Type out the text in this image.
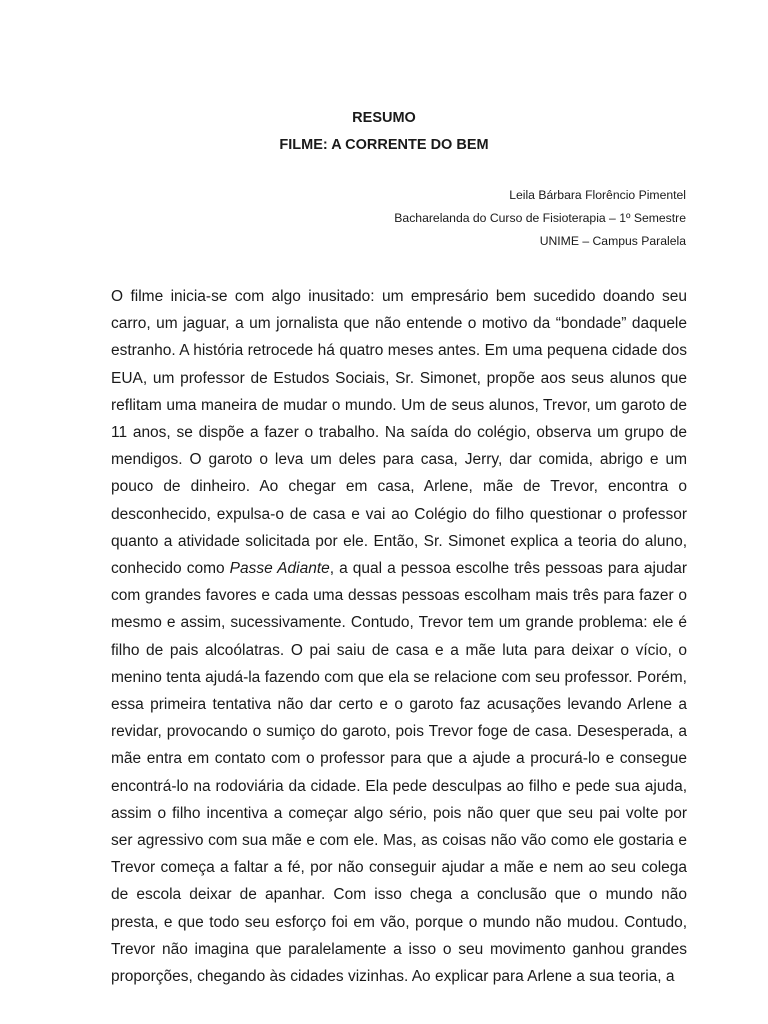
RESUMO
FILME: A CORRENTE DO BEM
Leila Bárbara Florêncio Pimentel
Bacharelanda do Curso de Fisioterapia – 1º Semestre
UNIME – Campus Paralela

O filme inicia-se com algo inusitado: um empresário bem sucedido doando seu carro, um jaguar, a um jornalista que não entende o motivo da “bondade” daquele estranho. A história retrocede há quatro meses antes. Em uma pequena cidade dos EUA, um professor de Estudos Sociais, Sr. Simonet, propõe aos seus alunos que reflitam uma maneira de mudar o mundo. Um de seus alunos, Trevor, um garoto de 11 anos, se dispõe a fazer o trabalho. Na saída do colégio, observa um grupo de mendigos. O garoto o leva um deles para casa, Jerry, dar comida, abrigo e um pouco de dinheiro. Ao chegar em casa, Arlene, mãe de Trevor, encontra o desconhecido, expulsa-o de casa e vai ao Colégio do filho questionar o professor quanto a atividade solicitada por ele. Então, Sr. Simonet explica a teoria do aluno, conhecido como Passe Adiante, a qual a pessoa escolhe três pessoas para ajudar com grandes favores e cada uma dessas pessoas escolham mais três para fazer o mesmo e assim, sucessivamente. Contudo, Trevor tem um grande problema: ele é filho de pais alcoólatras. O pai saiu de casa e a mãe luta para deixar o vício, o menino tenta ajudá-la fazendo com que ela se relacione com seu professor. Porém, essa primeira tentativa não dar certo e o garoto faz acusações levando Arlene a revidar, provocando o sumiço do garoto, pois Trevor foge de casa. Desesperada, a mãe entra em contato com o professor para que a ajude a procurá-lo e consegue encontrá-lo na rodoviária da cidade. Ela pede desculpas ao filho e pede sua ajuda, assim o filho incentiva a começar algo sério, pois não quer que seu pai volte por ser agressivo com sua mãe e com ele. Mas, as coisas não vão como ele gostaria e Trevor começa a faltar a fé, por não conseguir ajudar a mãe e nem ao seu colega de escola deixar de apanhar. Com isso chega a conclusão que o mundo não presta, e que todo seu esforço foi em vão, porque o mundo não mudou. Contudo, Trevor não imagina que paralelamente a isso o seu movimento ganhou grandes proporções, chegando às cidades vizinhas. Ao explicar para Arlene a sua teoria, a
